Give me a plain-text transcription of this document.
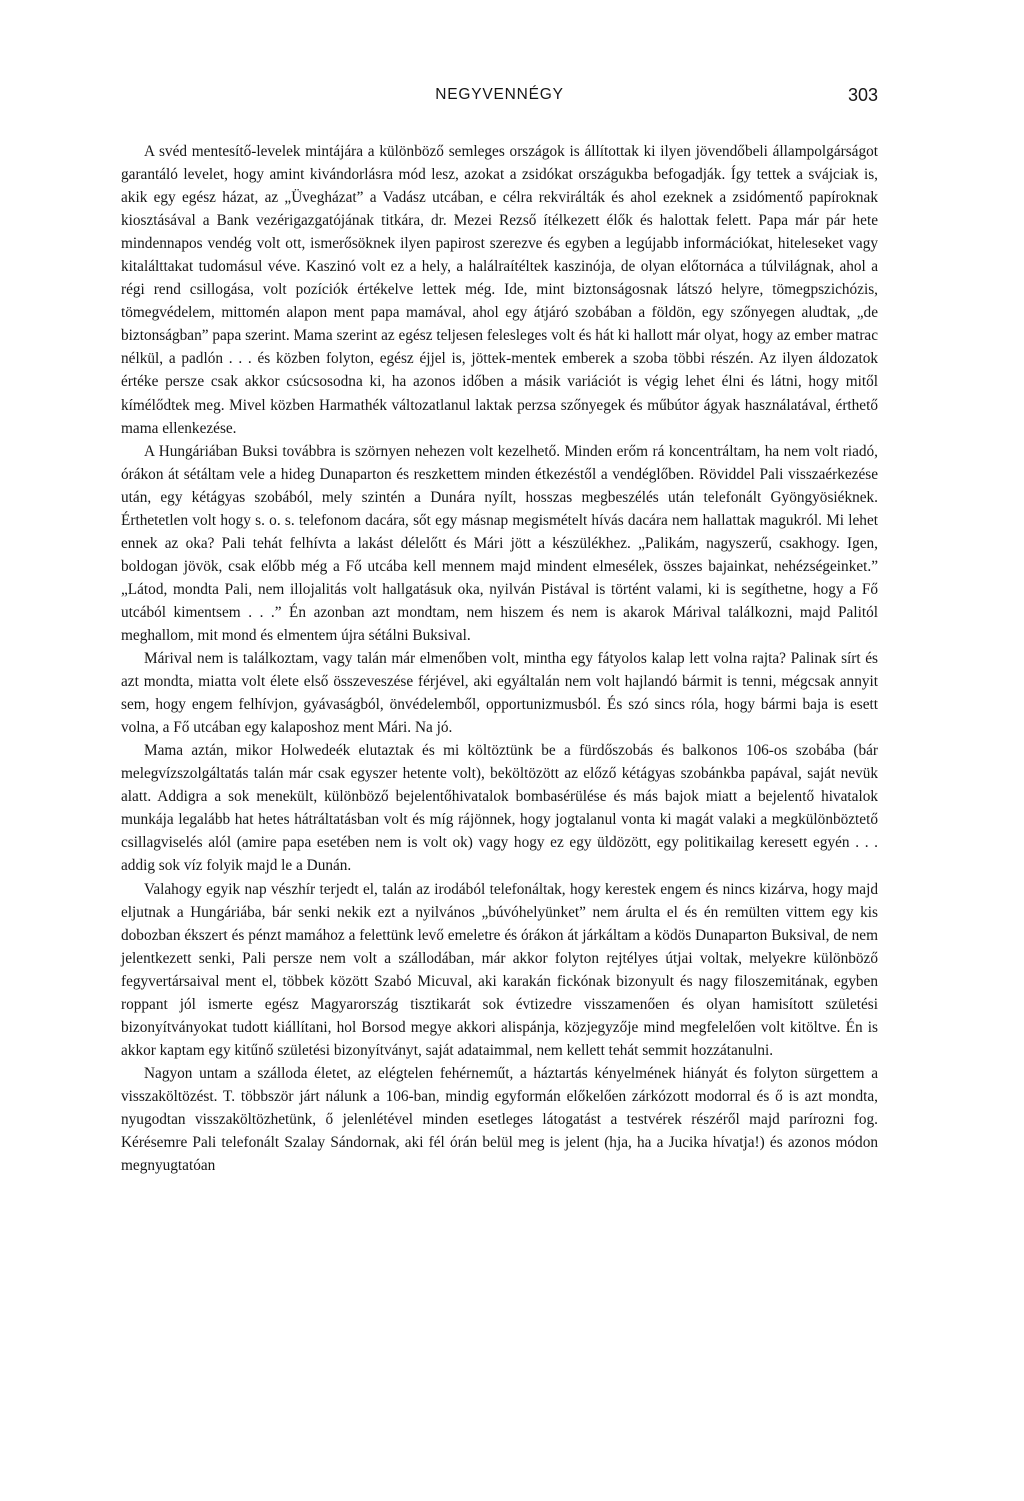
NEGYVENNÉGY	303

A svéd mentesítő-levelek mintájára a különböző semleges országok is állítottak ki ilyen jövendőbeli állampolgárságot garantáló levelet, hogy amint kivándorlásra mód lesz, azokat a zsidókat országukba befogadják. Így tettek a svájciak is, akik egy egész házat, az „Üvegházat” a Vadász utcában, e célra rekvirálták és ahol ezeknek a zsidómentő papíroknak kiosztásával a Bank vezérigazgatójának titkára, dr. Mezei Rezső ítélkezett élők és halottak felett. Papa már pár hete mindennapos vendég volt ott, ismerősöknek ilyen papirost szerezve és egyben a legújabb információkat, hiteleseket vagy kitalálttakat tudomásul véve. Kaszinó volt ez a hely, a halálraítéltek kaszinója, de olyan előtornáca a túlvilágnak, ahol a régi rend csillogása, volt pozíciók értékelve lettek még. Ide, mint biztonságosnak látszó helyre, tömegpszichózis, tömegvédelem, mittomén alapon ment papa mamával, ahol egy átjáró szobában a földön, egy szőnyegen aludtak, „de biztonságban” papa szerint. Mama szerint az egész teljesen felesleges volt és hát ki hallott már olyat, hogy az ember matrac nélkül, a padlón . . . és közben folyton, egész éjjel is, jöttek-mentek emberek a szoba többi részén. Az ilyen áldozatok értéke persze csak akkor csúcsosodna ki, ha azonos időben a másik variációt is végig lehet élni és látni, hogy mitől kímélődtek meg. Mivel közben Harmathék változatlanul laktak perzsa szőnyegek és műbútor ágyak használatával, érthető mama ellenkezése.

A Hungáriában Buksi továbbra is szörnyen nehezen volt kezelhető. Minden erőm rá koncentráltam, ha nem volt riadó, órákon át sétáltam vele a hideg Dunaparton és reszkettem minden étkezéstől a vendéglőben. Röviddel Pali visszaérkezése után, egy kétágyas szobából, mely szintén a Dunára nyílt, hosszas megbeszélés után telefonált Gyöngyösiéknek. Érthetetlen volt hogy s. o. s. telefonom dacára, sőt egy másnap megismételt hívás dacára nem hallattak magukról. Mi lehet ennek az oka? Pali tehát felhívta a lakást délelőtt és Mári jött a készülékhez. „Palikám, nagyszerű, csakhogy. Igen, boldogan jövök, csak előbb még a Fő utcába kell mennem majd mindent elmesélek, összes bajainkat, nehézségeinket.” „Látod, mondta Pali, nem illojalitás volt hallgatásuk oka, nyilván Pistával is történt valami, ki is segíthetne, hogy a Fő utcából kimentsem . . .” Én azonban azt mondtam, nem hiszem és nem is akarok Márival találkozni, majd Palitól meghallom, mit mond és elmentem újra sétálni Buksival.

Márival nem is találkoztam, vagy talán már elmenőben volt, mintha egy fátyolos kalap lett volna rajta? Palinak sírt és azt mondta, miatta volt élete első összeveszése férjével, aki egyáltalán nem volt hajlandó bármit is tenni, mégcsak annyit sem, hogy engem felhívjon, gyávaságból, önvédelemből, opportunizmusból. És szó sincs róla, hogy bármi baja is esett volna, a Fő utcában egy kalaposhoz ment Mári. Na jó.

Mama aztán, mikor Holwedeék elutaztak és mi költöztünk be a fürdőszobás és balkonos 106-os szobába (bár melegvízszolgáltatás talán már csak egyszer hetente volt), beköltözött az előző kétágyas szobánkba papával, saját nevük alatt. Addigra a sok menekült, különböző bejelentőhivatalok bombasérülése és más bajok miatt a bejelentő hivatalok munkája legalább hat hetes hátráltatásban volt és míg rájönnek, hogy jogtalanul vonta ki magát valaki a megkülönböztető csillagviselés alól (amire papa esetében nem is volt ok) vagy hogy ez egy üldözött, egy politikailag keresett egyén . . . addig sok víz folyik majd le a Dunán.

Valahogy egyik nap vészhír terjedt el, talán az irodából telefonáltak, hogy kerestek engem és nincs kizárva, hogy majd eljutnak a Hungáriába, bár senki nekik ezt a nyilvános „búvóhelyünket” nem árulta el és én remülten vittem egy kis dobozban ékszert és pénzt mamához a felettünk levő emeletre és órákon át járkáltam a ködös Dunaparton Buksival, de nem jelentkezett senki, Pali persze nem volt a szállodában, már akkor folyton rejtélyes útjai voltak, melyekre különböző fegyvertársaival ment el, többek között Szabó Micuval, aki karakán fickónak bizonyult és nagy filoszemitának, egyben roppant jól ismerte egész Magyarország tisztikarát sok évtizedre visszamenően és olyan hamisított születési bizonyítványokat tudott kiállítani, hol Borsod megye akkori alispánja, közjegyzője mind megfelelően volt kitöltve. Én is akkor kaptam egy kitűnő születési bizonyítványt, saját adataimmal, nem kellett tehát semmit hozzátanulni.

Nagyon untam a szálloda életet, az elégtelen fehérneműt, a háztartás kényelmének hiányát és folyton sürgettem a visszaköltözést. T. többször járt nálunk a 106-ban, mindig egyformán előkelően zárkózott modorral és ő is azt mondta, nyugodtan visszaköltözhetünk, ő jelenlétével minden esetleges látogatást a testvérek részéről majd parírozni fog. Kérésemre Pali telefonált Szalay Sándornak, aki fél órán belül meg is jelent (hja, ha a Jucika hívatja!) és azonos módon megnyugtatóan
